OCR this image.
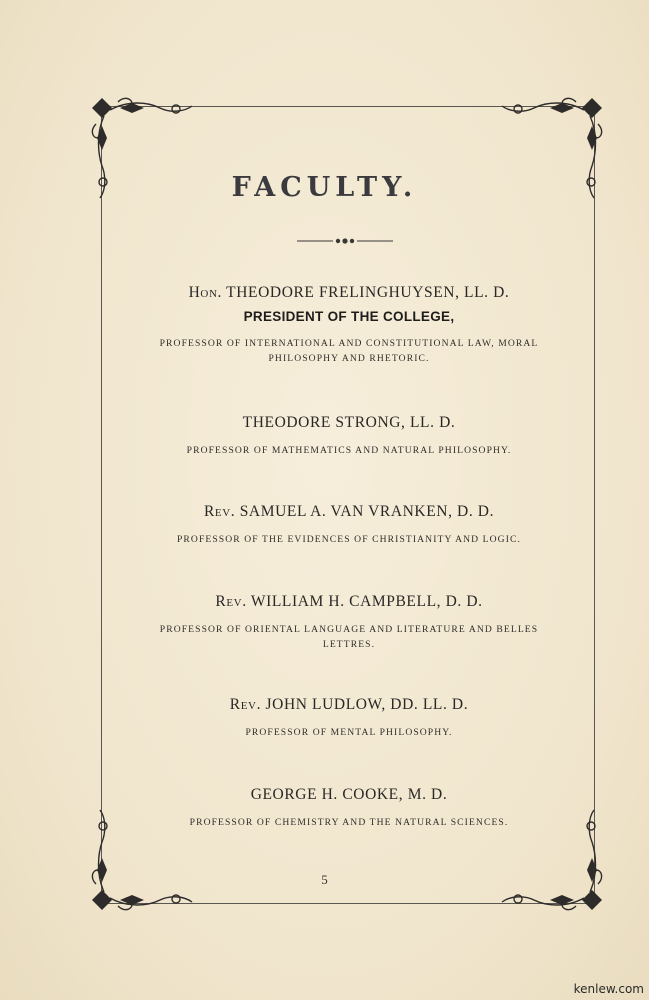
FACULTY.
Hon. THEODORE FRELINGHUYSEN, LL. D.
PRESIDENT OF THE COLLEGE,
PROFESSOR OF INTERNATIONAL AND CONSTITUTIONAL LAW, MORAL
PHILOSOPHY AND RHETORIC.
THEODORE STRONG, LL. D.
PROFESSOR OF MATHEMATICS AND NATURAL PHILOSOPHY.
Rev. SAMUEL A. VAN VRANKEN, D. D.
PROFESSOR OF THE EVIDENCES OF CHRISTIANITY AND LOGIC.
Rev. WILLIAM H. CAMPBELL, D. D.
PROFESSOR OF ORIENTAL LANGUAGE AND LITERATURE AND BELLES
LETTRES.
Rev. JOHN LUDLOW, DD. LL. D.
PROFESSOR OF MENTAL PHILOSOPHY.
GEORGE H. COOKE, M. D.
PROFESSOR OF CHEMISTRY AND THE NATURAL SCIENCES.
5
kenlew.com
